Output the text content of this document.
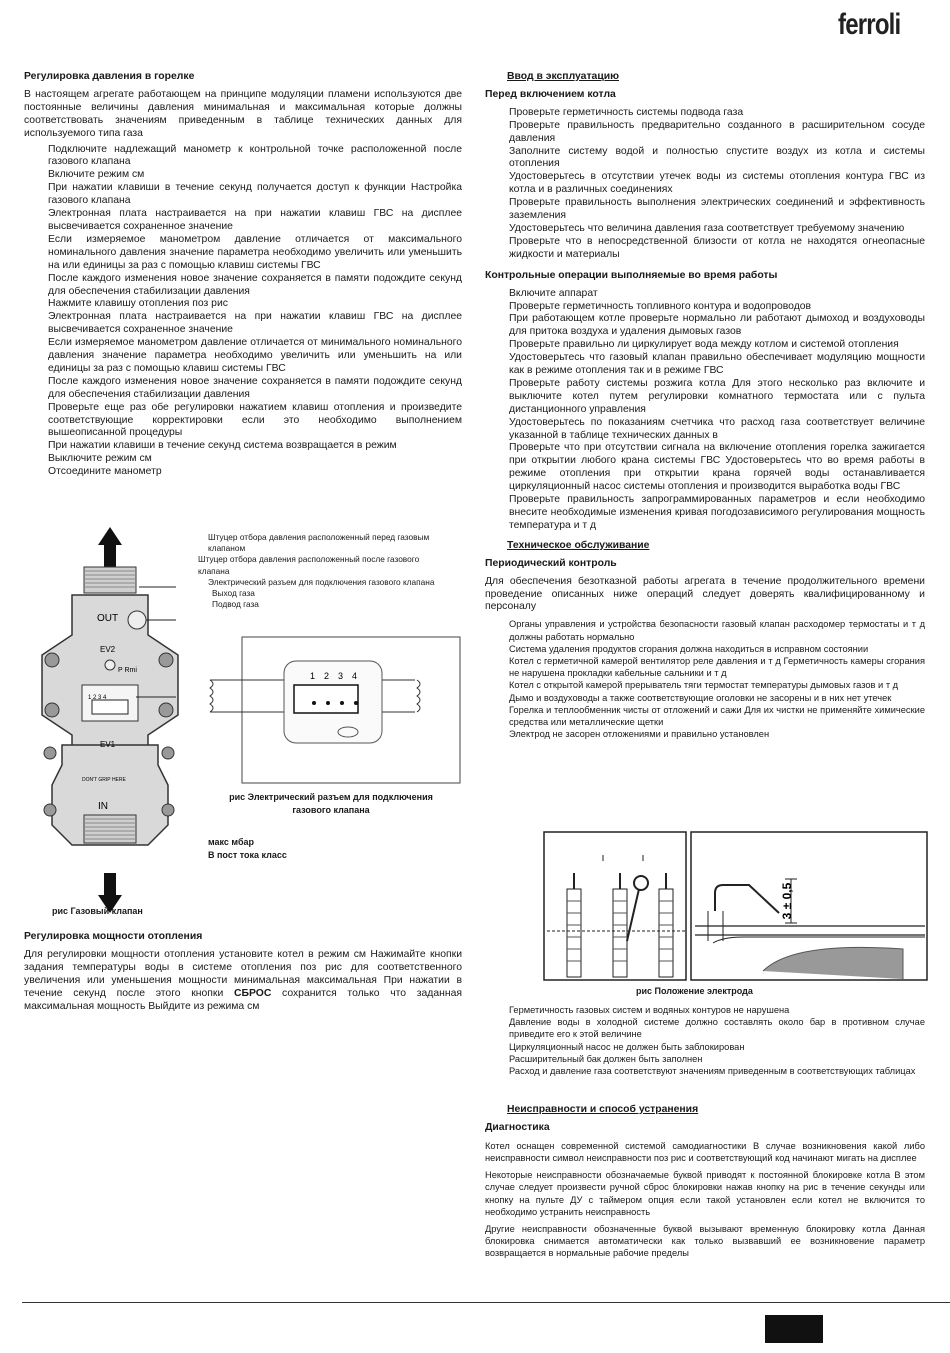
ferroli

Регулировка давления в горелке

В настоящем агрегате работающем на принципе модуляции пламени используются две постоянные величины давления минимальная и максимальная которые должны соответствовать значениям приведенным в таблице технических данных для используемого типа газа

Подключите надлежащий манометр к контрольной точке расположенной после газового клапана

Включите режим см

При нажатии клавиши в течение секунд получается доступ к функции Настройка газового клапана

Электронная плата настраивается на при нажатии клавиш ГВС на дисплее высвечивается сохраненное значение

Если измеряемое манометром давление отличается от максимального номинального давления значение параметра необходимо увеличить или уменьшить на или единицы за раз с помощью клавиш системы ГВС

После каждого изменения новое значение сохраняется в памяти подождите секунд для обеспечения стабилизации давления

Нажмите клавишу отопления поз рис

Электронная плата настраивается на при нажатии клавиш ГВС на дисплее высвечивается сохраненное значение

Если измеряемое манометром давление отличается от минимального номинального давления значение параметра необходимо увеличить или уменьшить на или единицы за раз с помощью клавиш системы ГВС

После каждого изменения новое значение сохраняется в памяти подождите секунд для обеспечения стабилизации давления

Проверьте еще раз обе регулировки нажатием клавиш отопления и произведите соответствующие корректировки если это необходимо выполнением вышеописанной процедуры

При нажатии клавиши в течение секунд система возвращается в режим

Выключите режим см

Отсоедините манометр

1 2 3 4
OUT
EV2
P Rmi
EV1
DON'T GRIP HERE
IN
1 2 3 4

Штуцер отбора давления расположенный перед газовым клапаном

Штуцер отбора давления расположенный после газового клапана

Электрический разъем для подключения газового клапана

Выход газа

Подвод газа

рис Электрический разъем для подключения газового клапана
макс мбар
В пост тока класс
рис Газовый клапан

Регулировка мощности отопления

Для регулировки мощности отопления установите котел в режим см Нажимайте кнопки задания температуры воды в системе отопления поз рис для соответственного увеличения или уменьшения мощности минимальная максимальная При нажатии в течение секунд после этого кнопки СБРОС сохранится только что заданная максимальная мощность Выйдите из режима см

Ввод в эксплуатацию

Перед включением котла

Проверьте герметичность системы подвода газа

Проверьте правильность предварительно созданного в расширительном сосуде давления

Заполните систему водой и полностью спустите воздух из котла и системы отопления

Удостоверьтесь в отсутствии утечек воды из системы отопления контура ГВС из котла и в различных соединениях

Проверьте правильность выполнения электрических соединений и эффективность заземления

Удостоверьтесь что величина давления газа соответствует требуемому значению

Проверьте что в непосредственной близости от котла не находятся огнеопасные жидкости и материалы

Контрольные операции выполняемые во время работы

Включите аппарат

Проверьте герметичность топливного контура и водопроводов

При работающем котле проверьте нормально ли работают дымоход и воздуховоды для притока воздуха и удаления дымовых газов

Проверьте правильно ли циркулирует вода между котлом и системой отопления

Удостоверьтесь что газовый клапан правильно обеспечивает модуляцию мощности как в режиме отопления так и в режиме ГВС

Проверьте работу системы розжига котла Для этого несколько раз включите и выключите котел путем регулировки комнатного термостата или с пульта дистанционного управления

Удостоверьтесь по показаниям счетчика что расход газа соответствует величине указанной в таблице технических данных в

Проверьте что при отсутствии сигнала на включение отопления горелка зажигается при открытии любого крана системы ГВС Удостоверьтесь что во время работы в режиме отопления при открытии крана горячей воды останавливается циркуляционный насос системы отопления и производится выработка воды ГВС

Проверьте правильность запрограммированных параметров и если необходимо внесите необходимые изменения кривая погодозависимого регулирования мощность температура и т д

Техническое обслуживание

Периодический контроль

Для обеспечения безотказной работы агрегата в течение продолжительного времени проведение описанных ниже операций следует доверять квалифицированному и персоналу

Органы управления и устройства безопасности газовый клапан расходомер термостаты и т д должны работать нормально

Система удаления продуктов сгорания должна находиться в исправном состоянии

Котел с герметичной камерой вентилятор реле давления и т д Герметичность камеры сгорания не нарушена прокладки кабельные сальники и т д

Котел с открытой камерой прерыватель тяги термостат температуры дымовых газов и т д

Дымо и воздуховоды а также соответствующие оголовки не засорены и в них нет утечек

Горелка и теплообменник чисты от отложений и сажи Для их чистки не применяйте химические средства или металлические щетки

Электрод не засорен отложениями и правильно установлен

3 ± 0,5
рис Положение электрода

Герметичность газовых систем и водяных контуров не нарушена

Давление воды в холодной системе должно составлять около бар в противном случае приведите его к этой величине

Циркуляционный насос не должен быть заблокирован

Расширительный бак должен быть заполнен

Расход и давление газа соответствуют значениям приведенным в соответствующих таблицах

Неисправности и способ устранения

Диагностика

Котел оснащен современной системой самодиагностики В случае возникновения какой либо неисправности символ неисправности поз рис и соответствующий код начинают мигать на дисплее

Некоторые неисправности обозначаемые буквой приводят к постоянной блокировке котла В этом случае следует произвести ручной сброс блокировки нажав кнопку на рис в течение секунды или кнопку на пульте ДУ с таймером опция если такой установлен если котел не включится то необходимо устранить неисправность

Другие неисправности обозначенные буквой вызывают временную блокировку котла Данная блокировка снимается автоматически как только вызвавший ее возникновение параметр возвращается в нормальные рабочие пределы
